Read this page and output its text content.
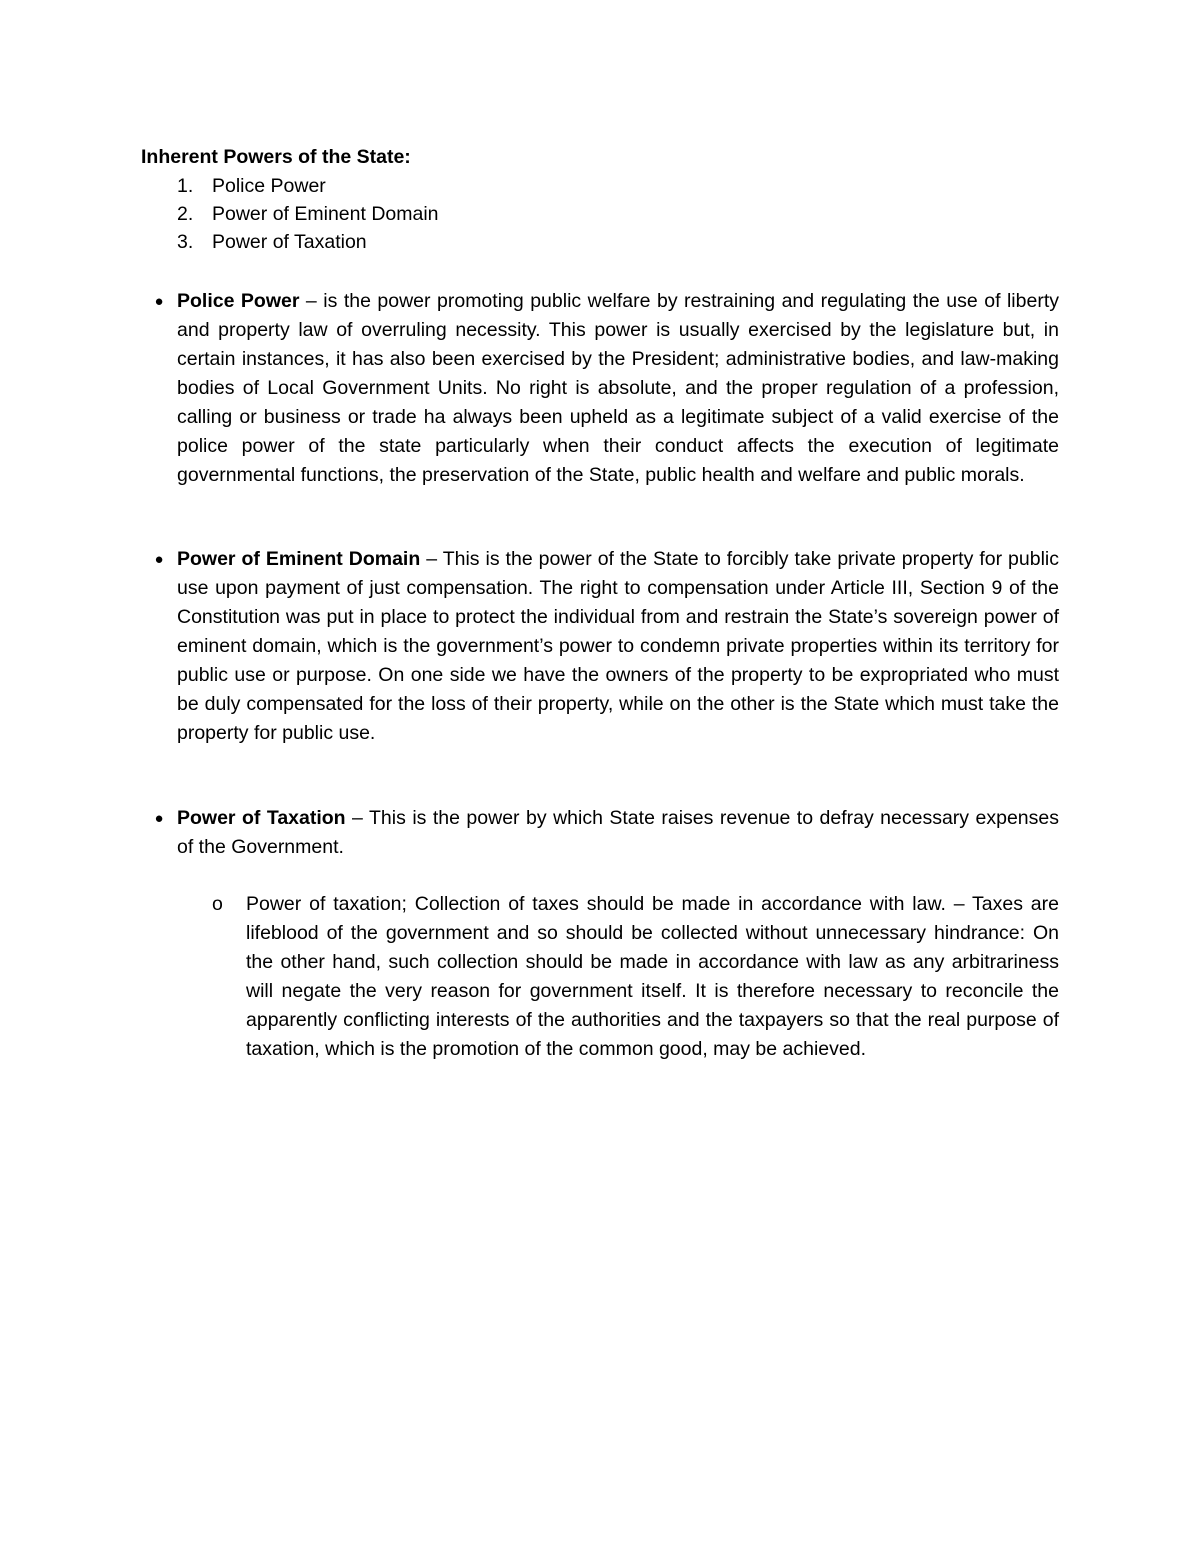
Inherent Powers of the State:
1. Police Power
2. Power of Eminent Domain
3. Power of Taxation
● Police Power – is the power promoting public welfare by restraining and regulating the use of liberty and property law of overruling necessity. This power is usually exercised by the legislature but, in certain instances, it has also been exercised by the President; administrative bodies, and law-making bodies of Local Government Units. No right is absolute, and the proper regulation of a profession, calling or business or trade ha always been upheld as a legitimate subject of a valid exercise of the police power of the state particularly when their conduct affects the execution of legitimate governmental functions, the preservation of the State, public health and welfare and public morals.
● Power of Eminent Domain – This is the power of the State to forcibly take private property for public use upon payment of just compensation. The right to compensation under Article III, Section 9 of the Constitution was put in place to protect the individual from and restrain the State’s sovereign power of eminent domain, which is the government’s power to condemn private properties within its territory for public use or purpose. On one side we have the owners of the property to be expropriated who must be duly compensated for the loss of their property, while on the other is the State which must take the property for public use.
● Power of Taxation – This is the power by which State raises revenue to defray necessary expenses of the Government.
o	Power of taxation; Collection of taxes should be made in accordance with law. – Taxes are lifeblood of the government and so should be collected without unnecessary hindrance: On the other hand, such collection should be made in accordance with law as any arbitrariness will negate the very reason for government itself. It is therefore necessary to reconcile the apparently conflicting interests of the authorities and the taxpayers so that the real purpose of taxation, which is the promotion of the common good, may be achieved.
